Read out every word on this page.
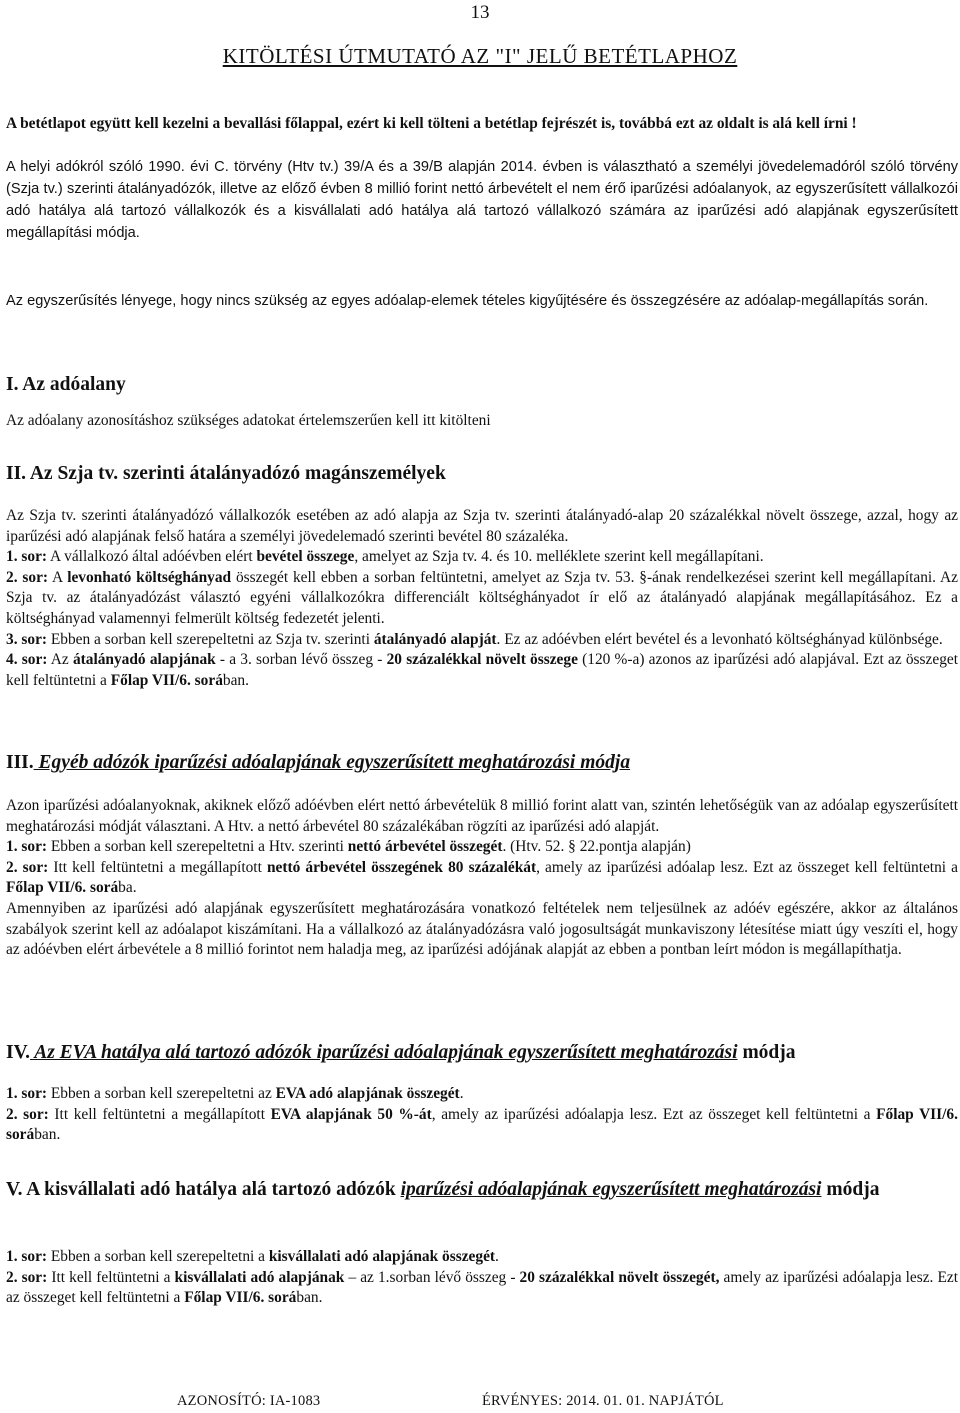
13
KITÖLTÉSI ÚTMUTATÓ AZ "I" JELŰ BETÉTLAPHOZ
A betétlapot együtt kell kezelni a bevallási főlappal, ezért ki kell tölteni a betétlap fejrészét is, továbbá ezt az oldalt is alá kell írni !
A helyi adókról szóló 1990. évi C. törvény (Htv tv.) 39/A és a 39/B alapján 2014. évben is választható a személyi jövedelemadóról szóló törvény (Szja tv.) szerinti átalányadózók, illetve az előző évben 8 millió forint nettó árbevételt el nem érő iparűzési adóalanyok, az egyszerűsített vállalkozói adó hatálya alá tartozó vállalkozók és a kisvállalati adó hatálya alá tartozó vállalkozó számára az iparűzési adó alapjának egyszerűsített megállapítási módja.
Az egyszerűsítés lényege, hogy nincs szükség az egyes adóalap-elemek tételes kigyűjtésére és összegzésére az adóalap-megállapítás során.
I. Az adóalany
Az adóalany azonosításhoz szükséges adatokat értelemszerűen kell itt kitölteni
II. Az Szja tv. szerinti átalányadózó magánszemélyek
Az Szja tv. szerinti átalányadózó vállalkozók esetében az adó alapja az Szja tv. szerinti átalányadó-alap 20 százalékkal növelt összege, azzal, hogy az iparűzési adó alapjának felső határa a személyi jövedelemadó szerinti bevétel 80 százaléka.
1. sor: A vállalkozó által adóévben elért bevétel összege, amelyet az Szja tv. 4. és 10. melléklete szerint kell megállapítani.
2. sor: A levonható költséghányad összegét kell ebben a sorban feltüntetni, amelyet az Szja tv. 53. §-ának rendelkezései szerint kell megállapítani. Az Szja tv. az átalányadózást választó egyéni vállalkozókra differenciált költséghányadot ír elő az átalányadó alapjának megállapításához. Ez a költséghányad valamennyi felmerült költség fedezetét jelenti.
3. sor: Ebben a sorban kell szerepeltetni az Szja tv. szerinti átalányadó alapját. Ez az adóévben elért bevétel és a levonható költséghányad különbsége.
4. sor: Az átalányadó alapjának - a 3. sorban lévő összeg - 20 százalékkal növelt összege (120 %-a) azonos az iparűzési adó alapjával. Ezt az összeget kell feltüntetni a Főlap VII/6. sorában.
III. Egyéb adózók iparűzési adóalapjának egyszerűsített meghatározási módja
Azon iparűzési adóalanyoknak, akiknek előző adóévben elért nettó árbevételük 8 millió forint alatt van, szintén lehetőségük van az adóalap egyszerűsített meghatározási módját választani. A Htv. a nettó árbevétel 80 százalékában rögzíti az iparűzési adó alapját.
1. sor: Ebben a sorban kell szerepeltetni a Htv. szerinti nettó árbevétel összegét. (Htv. 52. § 22.pontja alapján)
2. sor: Itt kell feltüntetni a megállapított nettó árbevétel összegének 80 százalékát, amely az iparűzési adóalap lesz. Ezt az összeget kell feltüntetni a Főlap VII/6. sorába.
Amennyiben az iparűzési adó alapjának egyszerűsített meghatározására vonatkozó feltételek nem teljesülnek az adóév egészére, akkor az általános szabályok szerint kell az adóalapot kiszámítani. Ha a vállalkozó az átalányadózásra való jogosultságát munkaviszony létesítése miatt úgy veszíti el, hogy az adóévben elért árbevétele a 8 millió forintot nem haladja meg, az iparűzési adójának alapját az ebben a pontban leírt módon is megállapíthatja.
IV. Az EVA hatálya alá tartozó adózók iparűzési adóalapjának egyszerűsített meghatározási módja
1. sor: Ebben a sorban kell szerepeltetni az EVA adó alapjának összegét.
2. sor: Itt kell feltüntetni a megállapított EVA alapjának 50 %-át, amely az iparűzési adóalapja lesz. Ezt az összeget kell feltüntetni a Főlap VII/6. sorában.
V. A kisvállalati adó hatálya alá tartozó adózók iparűzési adóalapjának egyszerűsített meghatározási módja
1. sor: Ebben a sorban kell szerepeltetni a kisvállalati adó alapjának összegét.
2. sor: Itt kell feltüntetni a kisvállalati adó alapjának – az 1.sorban lévő összeg - 20 százalékkal növelt összegét, amely az iparűzési adóalapja lesz. Ezt az összeget kell feltüntetni a Főlap VII/6. sorában.
AZONOSÍTÓ: IA-1083	ÉRVÉNYES: 2014. 01. 01. NAPJÁTÓL
